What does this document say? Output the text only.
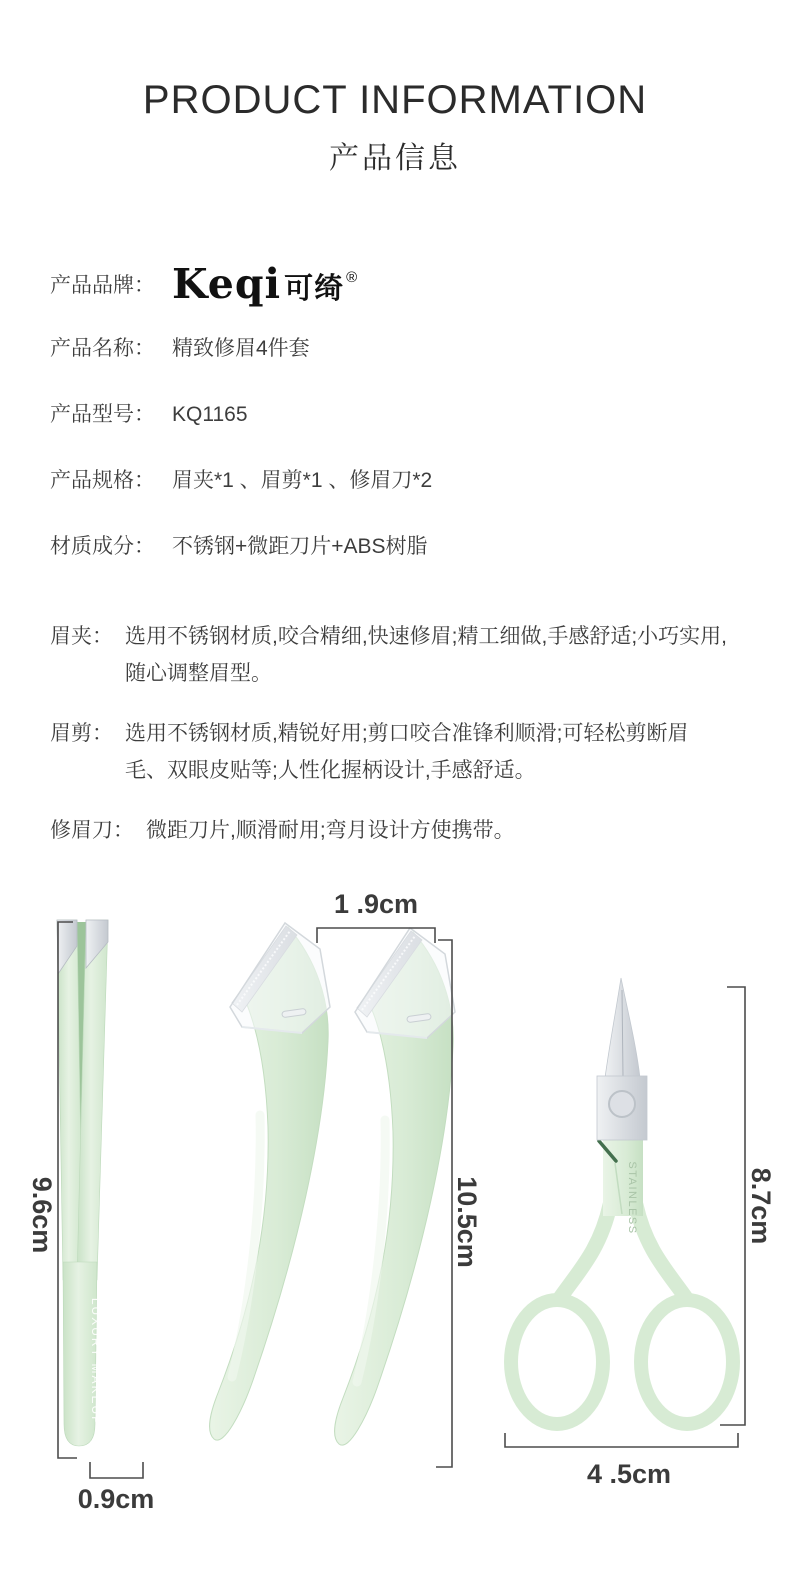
PRODUCT INFORMATION
产品信息
产品品牌： Keqi 可绮 ®
产品名称： 精致修眉4件套
产品型号： KQ1165
产品规格： 眉夹*1 、眉剪*1 、修眉刀*2
材质成分： 不锈钢+微距刀片+ABS树脂
眉夹： 选用不锈钢材质,咬合精细,快速修眉;精工细做,手感舒适;小巧实用,随心调整眉型。
眉剪： 选用不锈钢材质,精锐好用;剪口咬合准锋利顺滑;可轻松剪断眉毛、双眼皮贴等;人性化握柄设计,手感舒适。
修眉刀： 微距刀片,顺滑耐用;弯月设计方使携带。
LUXURY MAKEUP
STAINLESS
9.6cm
0.9cm
1 .9cm
10.5cm	8.7cm
4 .5cm
